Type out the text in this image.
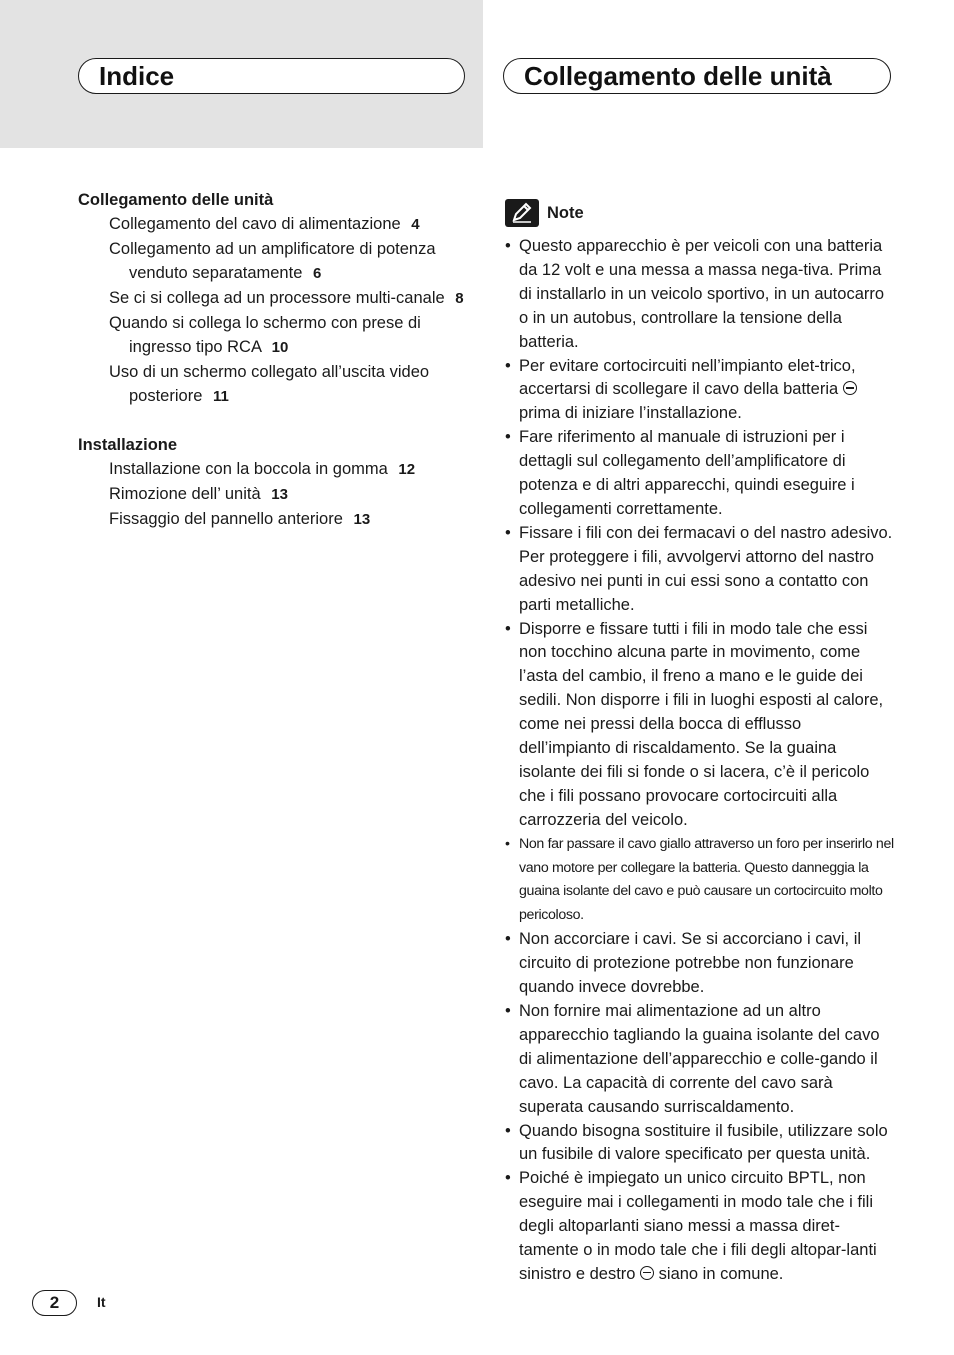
Indice	Collegamento delle unità
Collegamento delle unità
Collegamento del cavo di alimentazione 4
Collegamento ad un amplificatore di potenza venduto separatamente 6
Se ci si collega ad un processore multi-canale 8
Quando si collega lo schermo con prese di ingresso tipo RCA 10
Uso di un schermo collegato all’uscita video posteriore 11
Installazione
Installazione con la boccola in gomma 12
Rimozione dell’ unità 13
Fissaggio del pannello anteriore 13
Note
• Questo apparecchio è per veicoli con una batteria da 12 volt e una messa a massa nega-tiva. Prima di installarlo in un veicolo sportivo, in un autocarro o in un autobus, controllare la tensione della batteria.
• Per evitare cortocircuiti nell’impianto elet-trico, accertarsi di scollegare il cavo della batteria  prima di iniziare l’installazione.
• Fare riferimento al manuale di istruzioni per i dettagli sul collegamento dell’amplificatore di potenza e di altri apparecchi, quindi eseguire i collegamenti correttamente.
• Fissare i fili con dei fermacavi o del nastro adesivo. Per proteggere i fili, avvolgervi attorno del nastro adesivo nei punti in cui essi sono a contatto con parti metalliche.
• Disporre e fissare tutti i fili in modo tale che essi non tocchino alcuna parte in movimento, come l’asta del cambio, il freno a mano e le guide dei sedili. Non disporre i fili in luoghi esposti al calore, come nei pressi della bocca di efflusso dell’impianto di riscaldamento. Se la guaina isolante dei fili si fonde o si lacera, c’è il pericolo che i fili possano provocare cortocircuiti alla carrozzeria del veicolo.
• Non far passare il cavo giallo attraverso un foro per inserirlo nel vano motore per collegare la batteria. Questo danneggia la guaina isolante del cavo e può causare un cortocircuito molto pericoloso.
• Non accorciare i cavi. Se si accorciano i cavi, il circuito di protezione potrebbe non funzionare quando invece dovrebbe.
• Non fornire mai alimentazione ad un altro apparecchio tagliando la guaina isolante del cavo di alimentazione dell’apparecchio e colle-gando il cavo. La capacità di corrente del cavo sarà superata causando surriscaldamento.
• Quando bisogna sostituire il fusibile, utilizzare solo un fusibile di valore specificato per questa unità.
• Poiché è impiegato un unico circuito BPTL, non eseguire mai i collegamenti in modo tale che i fili degli altoparlanti siano messi a massa diret-tamente o in modo tale che i fili degli altopar-lanti sinistro e destro  siano in comune.
2	It
